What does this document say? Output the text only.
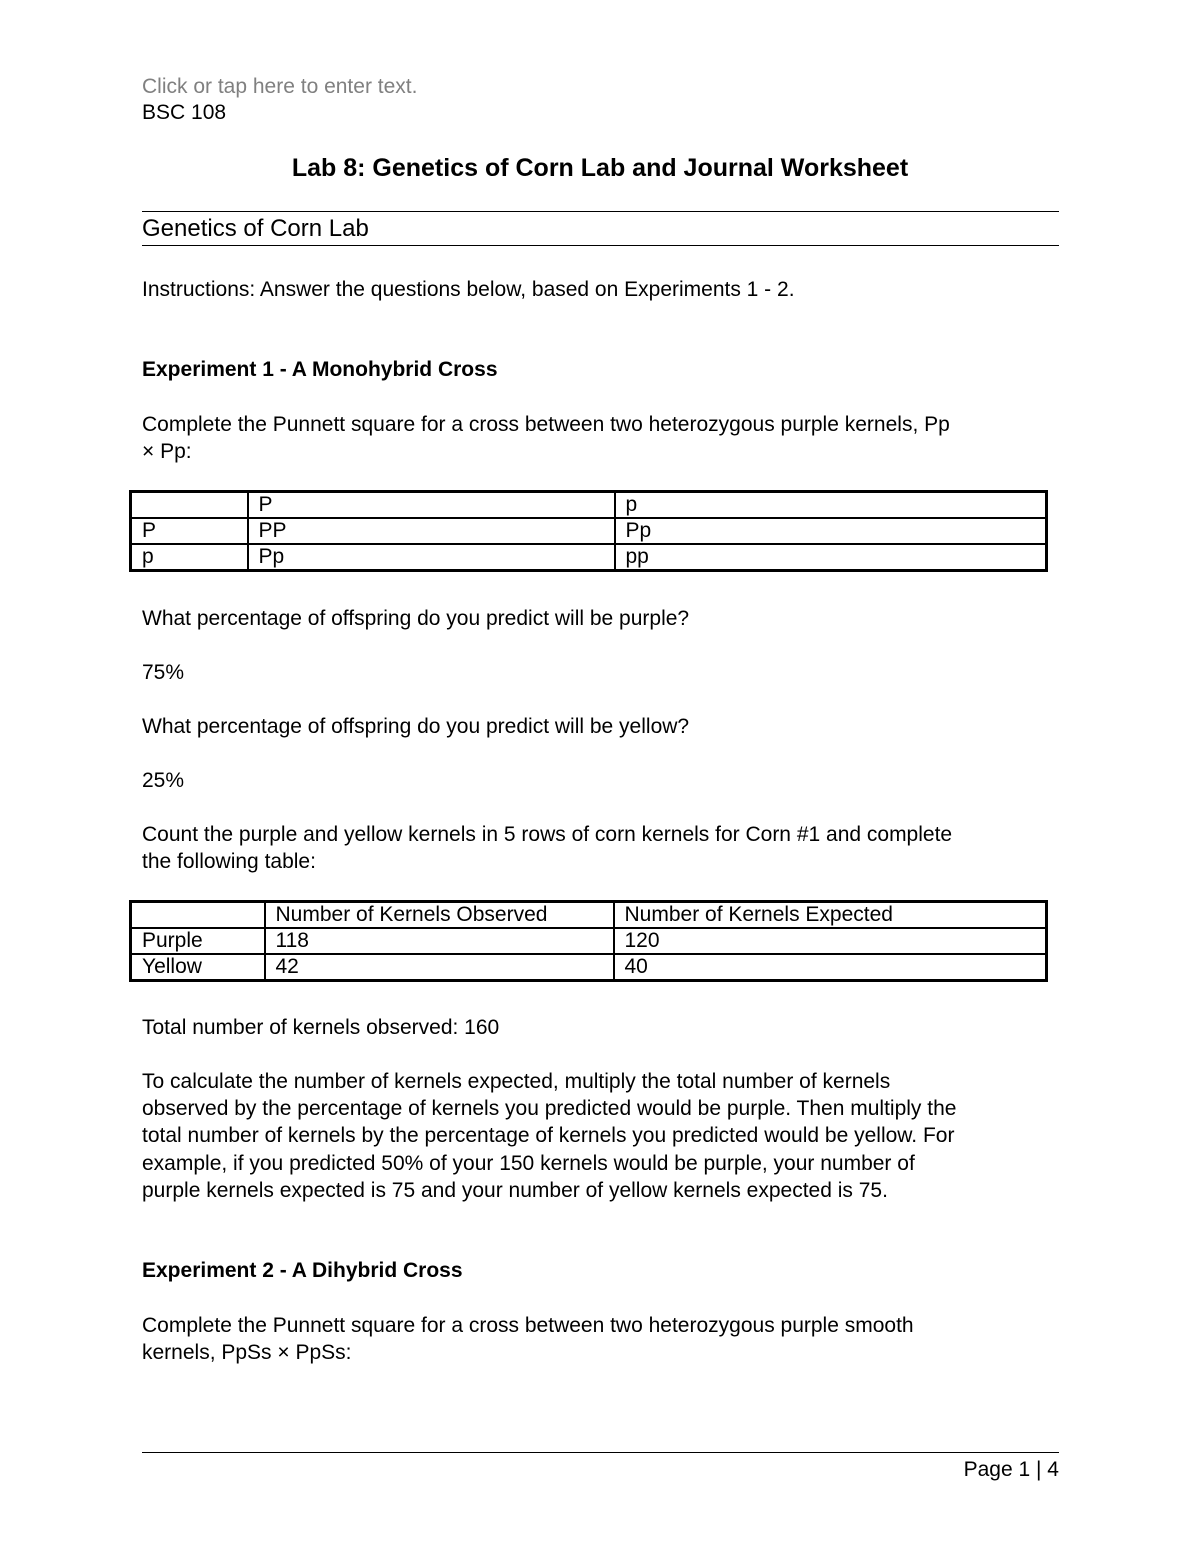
Click or tap here to enter text.
BSC 108
Lab 8: Genetics of Corn Lab and Journal Worksheet
Genetics of Corn Lab
Instructions: Answer the questions below, based on Experiments 1 - 2.
Experiment 1 - A Monohybrid Cross
Complete the Punnett square for a cross between two heterozygous purple kernels, Pp
× Pp:
	P	p
P	PP	Pp
p	Pp	pp
What percentage of offspring do you predict will be purple?
75%
What percentage of offspring do you predict will be yellow?
25%
Count the purple and yellow kernels in 5 rows of corn kernels for Corn #1 and complete
the following table:
	Number of Kernels Observed	Number of Kernels Expected
Purple	118	120
Yellow	42	40
Total number of kernels observed: 160
To calculate the number of kernels expected, multiply the total number of kernels
observed by the percentage of kernels you predicted would be purple. Then multiply the
total number of kernels by the percentage of kernels you predicted would be yellow. For
example, if you predicted 50% of your 150 kernels would be purple, your number of
purple kernels expected is 75 and your number of yellow kernels expected is 75.
Experiment 2 - A Dihybrid Cross
Complete the Punnett square for a cross between two heterozygous purple smooth
kernels, PpSs × PpSs:
Page 1 | 4
